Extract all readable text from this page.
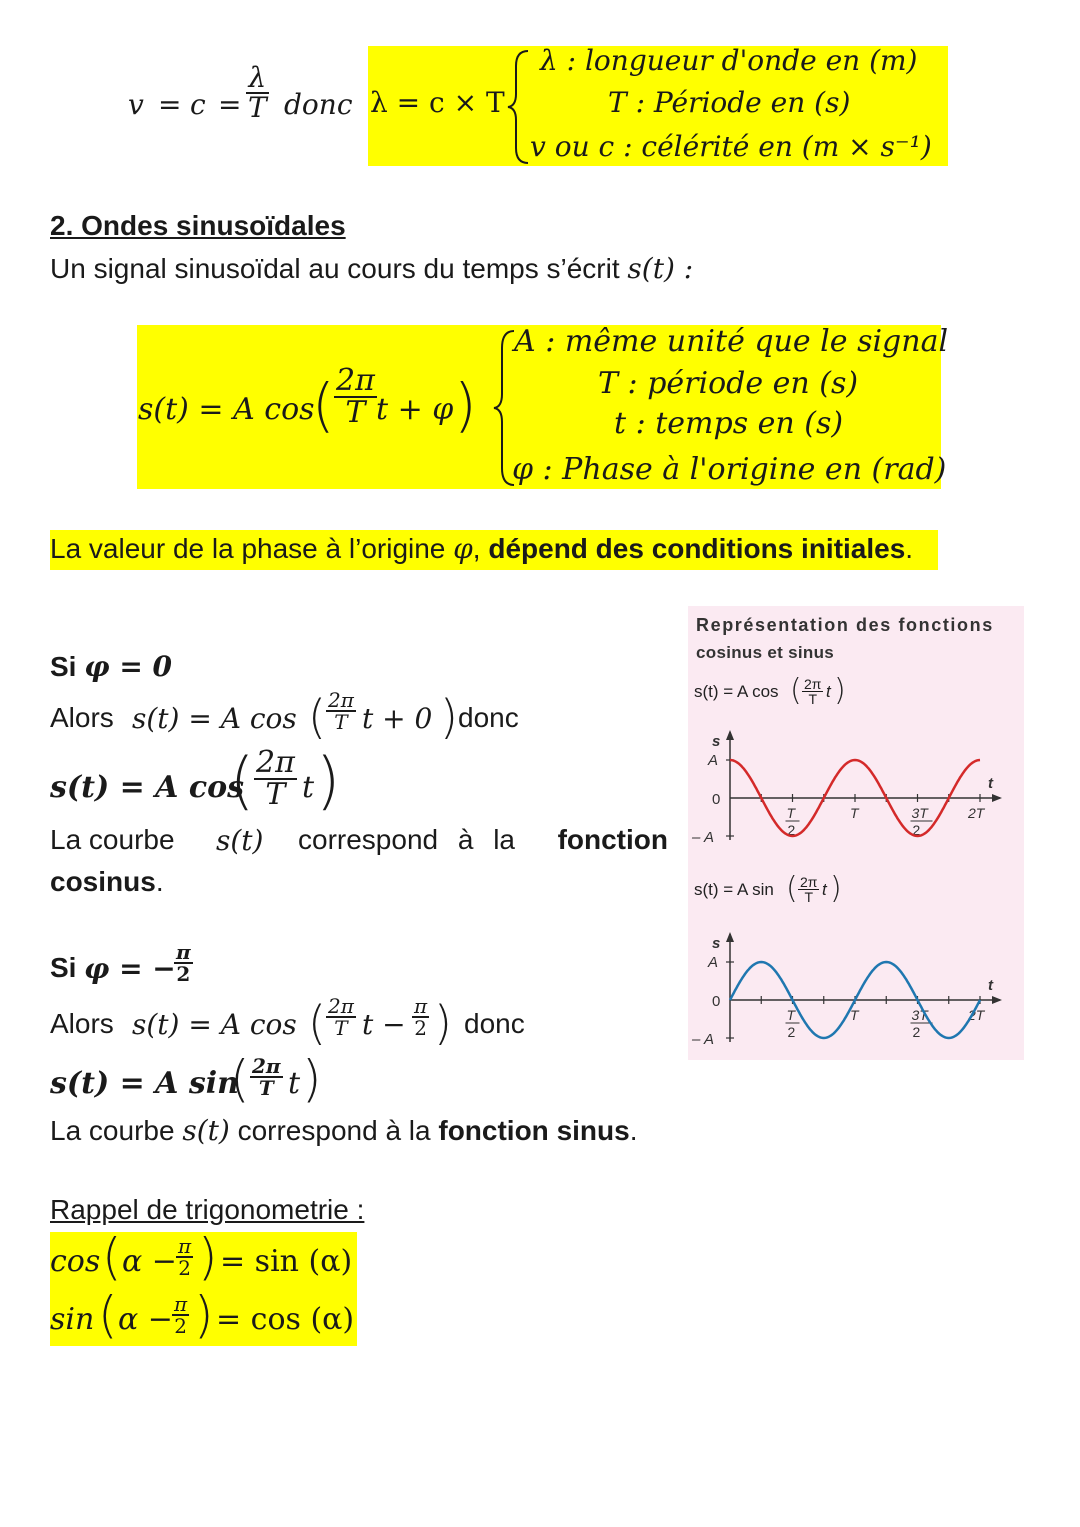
$v = c = \frac{\lambda}{T}$ donc λ = c × T
λ : longueur d'onde en (m)
T : Période en (s)
v ou c : célérité en (m × s⁻¹)
2. Ondes sinusoïdales
Un signal sinusoïdal au cours du temps s’écrit s(t) :
s(t) = A cos
( $\frac{2\pi}{T}$ t + φ )
A : même unité que le signal
T : période en (s)
t : temps en (s)
φ : Phase à l'origine en (rad)
La valeur de la phase à l’origine φ, dépend des conditions initiales.
Si φ = 0
Alors s(t) = A cos ( $\frac{2\pi}{T}$ t + 0 ) donc
s(t) = A cos
( $\frac{2\pi}{T}$ t )
La courbe s(t) correspond à la fonction
cosinus.
Si φ = −
$\frac{\pi}{2}$
Alors s(t) = A cos ( $\frac{2\pi}{T}$ $t - \frac{\pi}{2}$ ) donc
s(t) = A sin
( $\frac{2\pi}{T}$ t )
La courbe s(t) correspond à la fonction sinus.
Rappel de trigonometrie :
cos ( $\alpha - \frac{\pi}{2}$ ) = sin (α)
sin ( $\alpha - \frac{\pi}{2}$ ) = cos (α)
Représentation des fonctions
cosinus et sinus
s(t) = A cos ( $\frac{2\pi}{T}$ t )
s(t) = A sin ( $\frac{2\pi}{T}$ t )
s
t
A
0
– A
T
2
T	3T
2
2T
s
t
A
0
– A
T
2
T	3T
2
2T
